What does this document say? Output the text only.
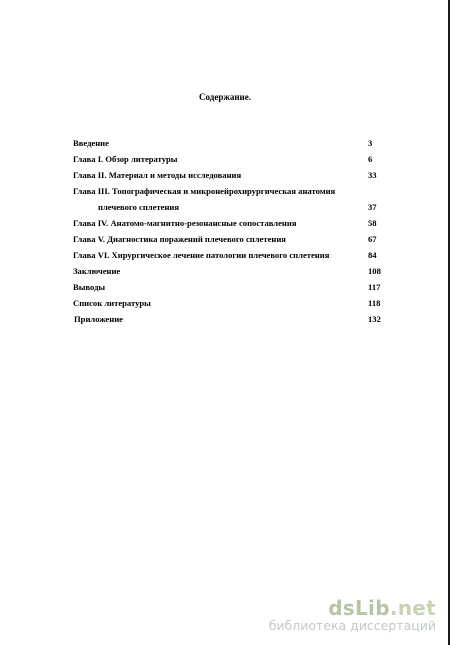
Содержание.
Введение	3
Глава I. Обзор литературы	6
Глава II. Материал и методы исследования	33
Глава III. Топографическая и микронейрохирургическая анатомия
плечевого сплетения	37
Глава IV. Анатомо-магнитно-резонансные сопоставления	58
Глава V. Диагностика поражений плечевого сплетения	67
Глава VI. Хирургическое лечение патологии плечевого сплетения	84
Заключение	108
Выводы	117
Список литературы	118
Приложение	132
dsLib.net
библиотека диссертаций
